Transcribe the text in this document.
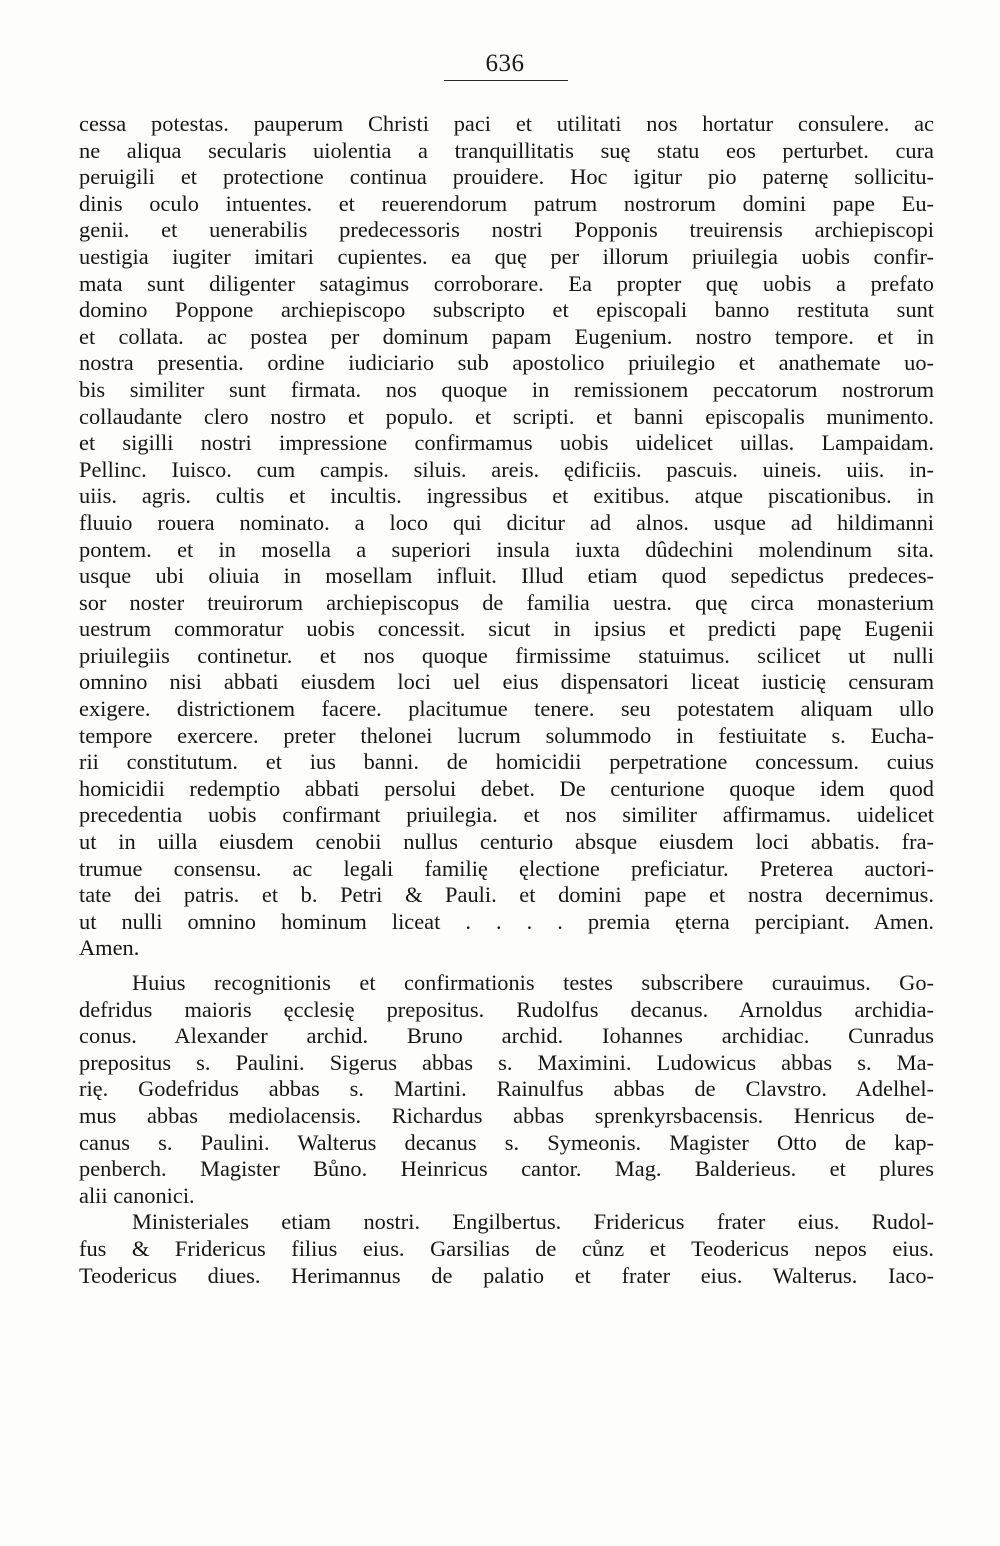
636
cessa potestas. pauperum Christi paci et utilitati nos hortatur consulere. ac
ne aliqua secularis uiolentia a tranquillitatis suę statu eos perturbet. cura
peruigili et protectione continua prouidere. Hoc igitur pio paternę sollicitu-
dinis oculo intuentes. et reuerendorum patrum nostrorum domini pape Eu-
genii. et uenerabilis predecessoris nostri Popponis treuirensis archiepiscopi
uestigia iugiter imitari cupientes. ea quę per illorum priuilegia uobis confir-
mata sunt diligenter satagimus corroborare. Ea propter quę uobis a prefato
domino Poppone archiepiscopo subscripto et episcopali banno restituta sunt
et collata. ac postea per dominum papam Eugenium. nostro tempore. et in
nostra presentia. ordine iudiciario sub apostolico priuilegio et anathemate uo-
bis similiter sunt firmata. nos quoque in remissionem peccatorum nostrorum
collaudante clero nostro et populo. et scripti. et banni episcopalis munimento.
et sigilli nostri impressione confirmamus uobis uidelicet uillas. Lampaidam.
Pellinc. Iuisco. cum campis. siluis. areis. ędificiis. pascuis. uineis. uiis. in-
uiis. agris. cultis et incultis. ingressibus et exitibus. atque piscationibus. in
fluuio rouera nominato. a loco qui dicitur ad alnos. usque ad hildimanni
pontem. et in mosella a superiori insula iuxta dûdechini molendinum sita.
usque ubi oliuia in mosellam influit. Illud etiam quod sepedictus predeces-
sor noster treuirorum archiepiscopus de familia uestra. quę circa monasterium
uestrum commoratur uobis concessit. sicut in ipsius et predicti papę Eugenii
priuilegiis continetur. et nos quoque firmissime statuimus. scilicet ut nulli
omnino nisi abbati eiusdem loci uel eius dispensatori liceat iusticię censuram
exigere. districtionem facere. placitumue tenere. seu potestatem aliquam ullo
tempore exercere. preter thelonei lucrum solummodo in festiuitate s. Eucha-
rii constitutum. et ius banni. de homicidii perpetratione concessum. cuius
homicidii redemptio abbati persolui debet. De centurione quoque idem quod
precedentia uobis confirmant priuilegia. et nos similiter affirmamus. uidelicet
ut in uilla eiusdem cenobii nullus centurio absque eiusdem loci abbatis. fra-
trumue consensu. ac legali familię ęlectione preficiatur. Preterea auctori-
tate dei patris. et b. Petri & Pauli. et domini pape et nostra decernimus.
ut nulli omnino hominum liceat . . . . premia ęterna percipiant. Amen.
Amen.
Huius recognitionis et confirmationis testes subscribere curauimus. Go-
defridus maioris ęcclesię prepositus. Rudolfus decanus. Arnoldus archidia-
conus. Alexander archid. Bruno archid. Iohannes archidiac. Cunradus
prepositus s. Paulini. Sigerus abbas s. Maximini. Ludowicus abbas s. Ma-
rię. Godefridus abbas s. Martini. Rainulfus abbas de Clavstro. Adelhel-
mus abbas mediolacensis. Richardus abbas sprenkyrsbacensis. Henricus de-
canus s. Paulini. Walterus decanus s. Symeonis. Magister Otto de kap-
penberch. Magister Bůno. Heinricus cantor. Mag. Balderieus. et plures
alii canonici.
Ministeriales etiam nostri. Engilbertus. Fridericus frater eius. Rudol-
fus & Fridericus filius eius. Garsilias de cůnz et Teodericus nepos eius.
Teodericus diues. Herimannus de palatio et frater eius. Walterus. Iaco-
